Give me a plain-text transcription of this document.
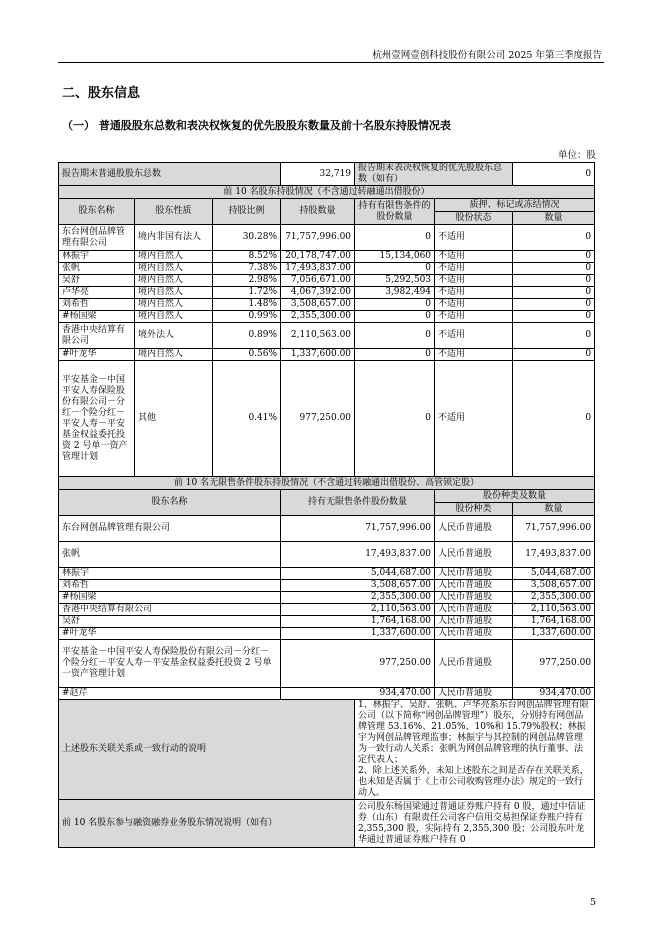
杭州壹网壹创科技股份有限公司 2025 年第三季度报告
二、股东信息
（一） 普通股股东总数和表决权恢复的优先股股东数量及前十名股东持股情况表
单位：股
报告期末普通股股东总数			32,719	报告期末表决权恢复的优先股股东总数（如有）		0
前 10 名股东持股情况（不含通过转融通出借股份）						
股东名称	股东性质	持股比例	持股数量	持有有限售条件的股份数量	质押、标记或冻结情况	
					股份状态	数量
东台网创品牌管理有限公司	境内非国有法人	30.28%	71,757,996.00	0	不适用	0
林振宇	境内自然人	8.52%	20,178,747.00	15,134,060	不适用	0
张帆	境内自然人	7.38%	17,493,837.00	0	不适用	0
吴舒	境内自然人	2.98%	7,056,671.00	5,292,503	不适用	0
卢华亮	境内自然人	1.72%	4,067,392.00	3,982,494	不适用	0
刘希哲	境内自然人	1.48%	3,508,657.00	0	不适用	0
#杨国梁	境内自然人	0.99%	2,355,300.00	0	不适用	0
香港中央结算有限公司	境外法人	0.89%	2,110,563.00	0	不适用	0
#叶龙华	境内自然人	0.56%	1,337,600.00	0	不适用	0
平安基金－中国平安人寿保险股份有限公司－分红－个险分红－平安人寿－平安基金权益委托投资 2 号单一资产管理计划	其他	0.41%	977,250.00	0	不适用	0
前 10 名无限售条件股东持股情况（不含通过转融通出借股份、高管锁定股）						
股东名称			持有无限售条件股份数量		股份种类及数量	
					股份种类	数量
东台网创品牌管理有限公司			71,757,996.00		人民币普通股	71,757,996.00
张帆			17,493,837.00		人民币普通股	17,493,837.00
林振宇			5,044,687.00		人民币普通股	5,044,687.00
刘希哲			3,508,657.00		人民币普通股	3,508,657.00
#杨国梁			2,355,300.00		人民币普通股	2,355,300.00
香港中央结算有限公司			2,110,563.00		人民币普通股	2,110,563.00
吴舒			1,764,168.00		人民币普通股	1,764,168.00
#叶龙华			1,337,600.00		人民币普通股	1,337,600.00
平安基金－中国平安人寿保险股份有限公司－分红－个险分红－平安人寿－平安基金权益委托投资 2 号单一资产管理计划			977,250.00		人民币普通股	977,250.00
#赵芹			934,470.00		人民币普通股	934,470.00
上述股东关联关系或一致行动的说明				1、林振宇、吴舒、张帆、卢华亮系东台网创品牌管理有限公司（以下简称“网创品牌管理”）股东，分别持有网创品牌管理 53.16%、21.05%、10%和 15.79%股权；林振宇为网创品牌管理监事；林振宇与其控制的网创品牌管理为一致行动人关系；张帆为网创品牌管理的执行董事、法定代表人；
2、除上述关系外，未知上述股东之间是否存在关联关系，也未知是否属于《上市公司收购管理办法》规定的一致行动人。		
前 10 名股东参与融资融券业务股东情况说明（如有）				公司股东杨国梁通过普通证券账户持有 0 股，通过中信证券（山东）有限责任公司客户信用交易担保证券账户持有 2,355,300 股，实际持有 2,355,300 股；公司股东叶龙华通过普通证券账户持有 0		
5
